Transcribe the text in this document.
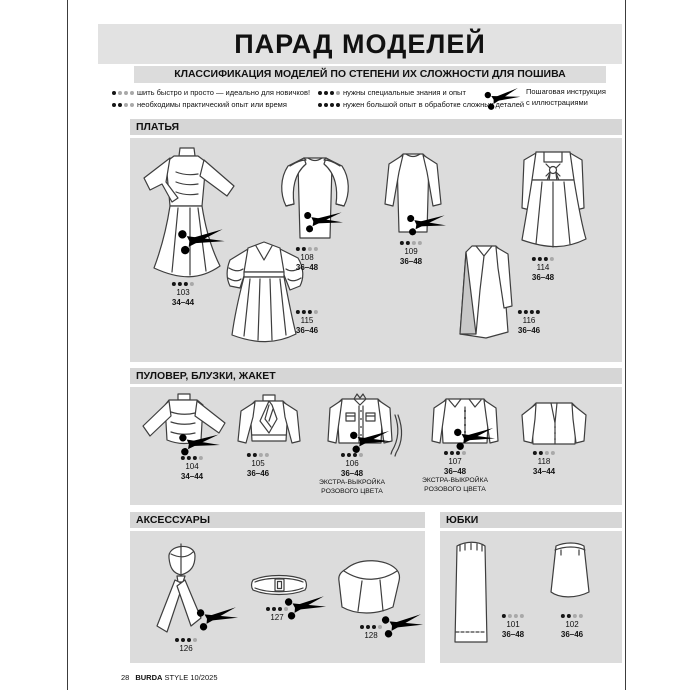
ПАРАД МОДЕЛЕЙ
КЛАССИФИКАЦИЯ МОДЕЛЕЙ ПО СТЕПЕНИ ИХ СЛОЖНОСТИ ДЛЯ ПОШИВА
шить быстро и просто — идеально для новичков!
необходимы практический опыт или время
нужны специальные знания и опыт
нужен большой опыт в обработке сложных деталей
Пошаговая инструкция
с иллюстрациями
ПЛАТЬЯ
ПУЛОВЕР, БЛУЗКИ, ЖАКЕТ
АКСЕССУАРЫ	ЮБКИ
103
34–44
108
36–48
115
36–46
109
36–48
114
36–48
116
36–46
104
34–44
105
36–46
106
36–48
ЭКСТРА-ВЫКРОЙКА
РОЗОВОГО ЦВЕТА
107
36–48
ЭКСТРА-ВЫКРОЙКА
РОЗОВОГО ЦВЕТА
118
34–44
126
127
128
101
36–48
102
36–46
28 BURDA STYLE 10/2025
